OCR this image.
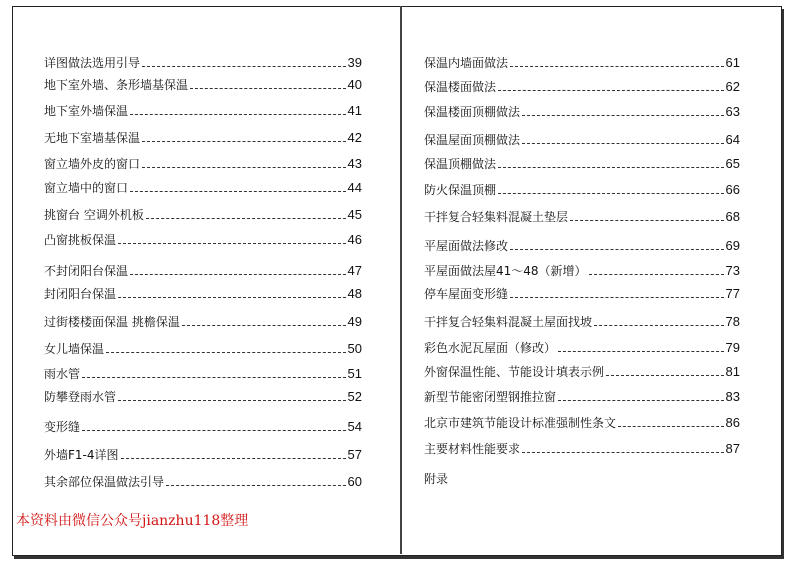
详图做法选用引导	39
地下室外墙、条形墙基保温	40
地下室外墙保温	41
无地下室墙基保温	42
窗立墙外皮的窗口	43
窗立墙中的窗口	44
挑窗台 空调外机板	45
凸窗挑板保温	46
不封闭阳台保温	47
封闭阳台保温	48
过街楼楼面保温 挑檐保温	49
女儿墙保温	50
雨水管	51
防攀登雨水管	52
变形缝	54
外墙F1-4详图	57
其余部位保温做法引导	60
保温内墙面做法	61
保温楼面做法	62
保温楼面顶棚做法	63
保温屋面顶棚做法	64
保温顶棚做法	65
防火保温顶棚	66
干拌复合轻集料混凝土垫层	68
平屋面做法修改	69
平屋面做法屋41～48（新增）	73
停车屋面变形缝	77
干拌复合轻集料混凝土屋面找坡	78
彩色水泥瓦屋面（修改）	79
外窗保温性能、节能设计填表示例	81
新型节能密闭塑钢推拉窗	83
北京市建筑节能设计标准强制性条文	86
主要材料性能要求	87
附录
本资料由微信公众号jianzhu118整理
